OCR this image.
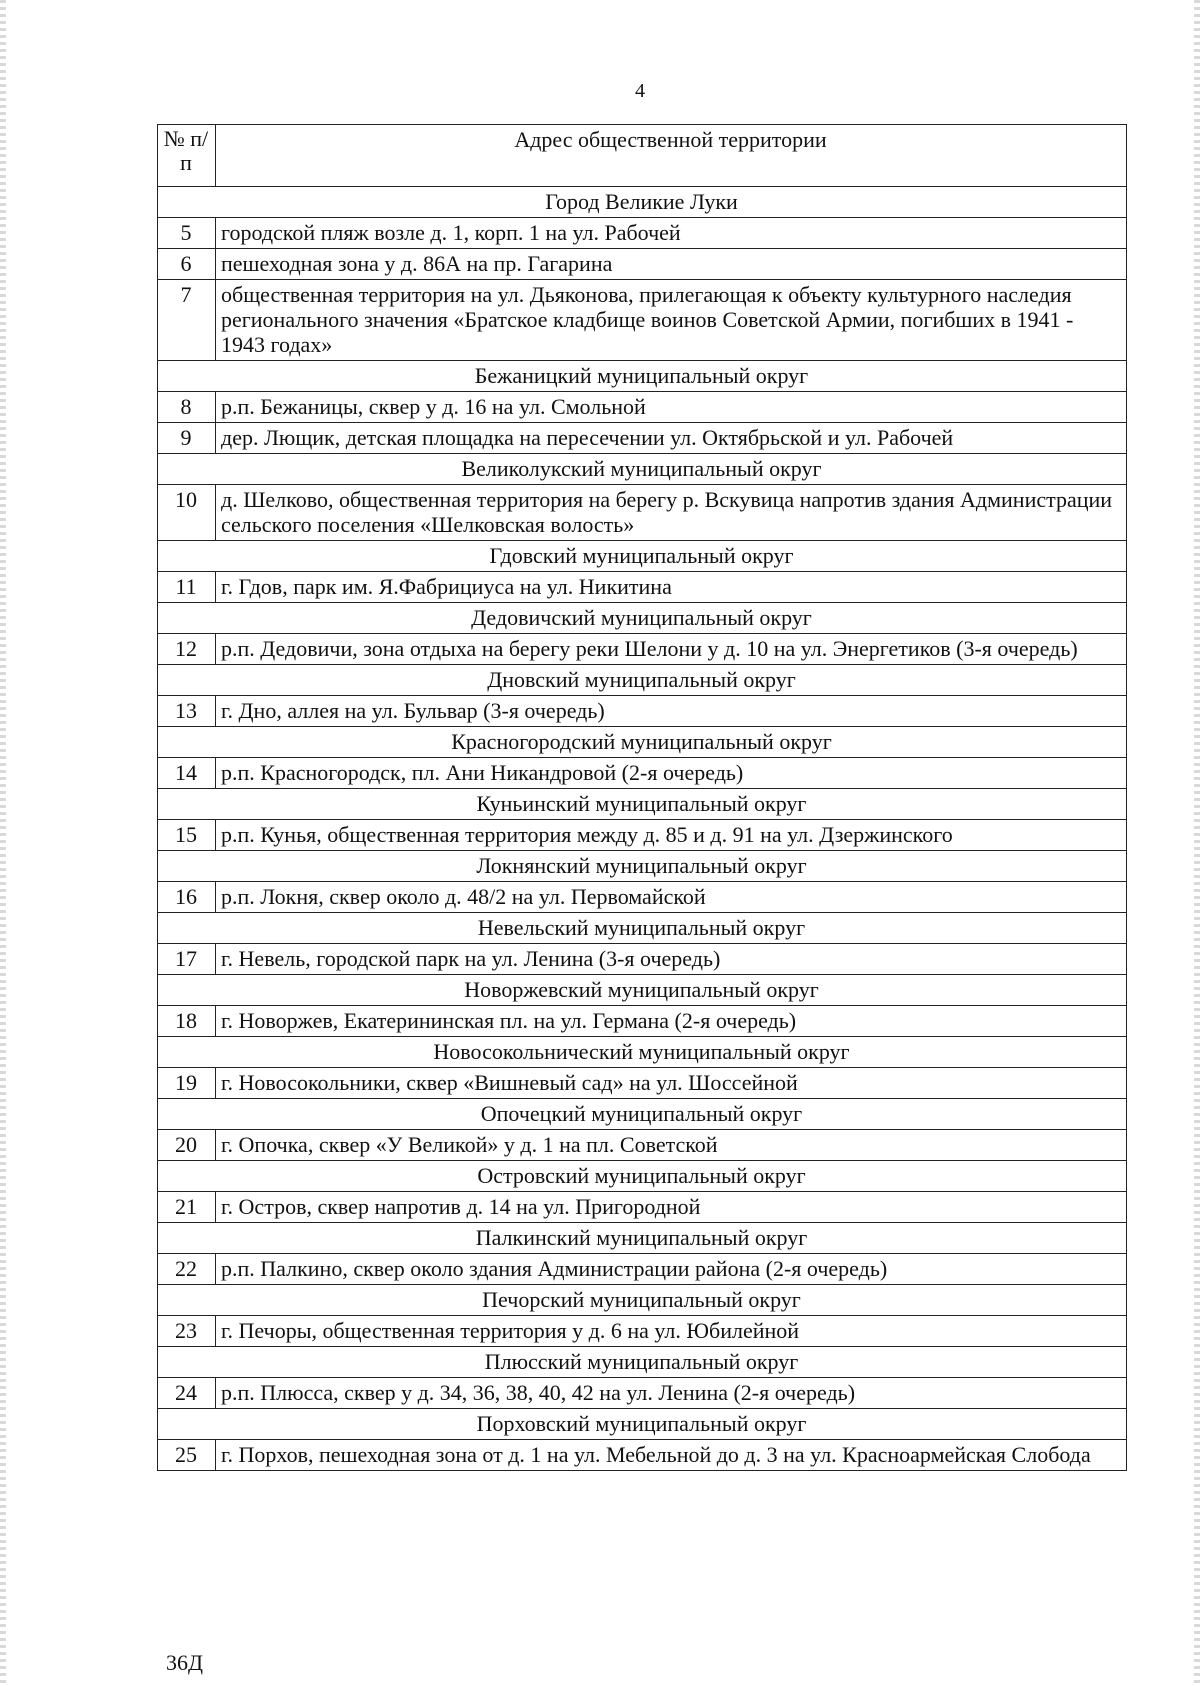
4
№ п/п	Адрес общественной территории
Город Великие Луки	
5	городской пляж возле д. 1, корп. 1 на ул. Рабочей
6	пешеходная зона у д. 86А на пр. Гагарина
7	общественная территория на ул. Дьяконова, прилегающая к объекту культурного наследия регионального значения «Братское кладбище воинов Советской Армии, погибших в 1941 - 1943 годах»
Бежаницкий муниципальный округ	
8	р.п. Бежаницы, сквер у д. 16 на ул. Смольной
9	дер. Лющик, детская площадка на пересечении ул. Октябрьской и ул. Рабочей
Великолукский муниципальный округ	
10	д. Шелково, общественная территория на берегу р. Вскувица напротив здания Администрации сельского поселения «Шелковская волость»
Гдовский муниципальный округ	
11	г. Гдов, парк им. Я.Фабрициуса на ул. Никитина
Дедовичский муниципальный округ	
12	р.п. Дедовичи, зона отдыха на берегу реки Шелони у д. 10 на ул. Энергетиков (3-я очередь)
Дновский муниципальный округ	
13	г. Дно, аллея на ул. Бульвар (3-я очередь)
Красногородский муниципальный округ	
14	р.п. Красногородск, пл. Ани Никандровой (2-я очередь)
Куньинский муниципальный округ	
15	р.п. Кунья, общественная территория между д. 85 и д. 91 на ул. Дзержинского
Локнянский муниципальный округ	
16	р.п. Локня, сквер около д. 48/2 на ул. Первомайской
Невельский муниципальный округ	
17	г. Невель, городской парк на ул. Ленина (3-я очередь)
Новоржевский муниципальный округ	
18	г. Новоржев, Екатерининская пл. на ул. Германа (2-я очередь)
Новосокольнический муниципальный округ	
19	г. Новосокольники, сквер «Вишневый сад» на ул. Шоссейной
Опочецкий муниципальный округ	
20	г. Опочка, сквер «У Великой» у д. 1 на пл. Советской
Островский муниципальный округ	
21	г. Остров, сквер напротив д. 14 на ул. Пригородной
Палкинский муниципальный округ	
22	р.п. Палкино, сквер около здания Администрации района (2-я очередь)
Печорский муниципальный округ	
23	г. Печоры, общественная территория у д. 6 на ул. Юбилейной
Плюсский муниципальный округ	
24	р.п. Плюсса, сквер у д. 34, 36, 38, 40, 42 на ул. Ленина (2-я очередь)
Порховский муниципальный округ	
25	г. Порхов, пешеходная зона от д. 1 на ул. Мебельной до д. 3 на ул. Красноармейская Слобода
36Д
